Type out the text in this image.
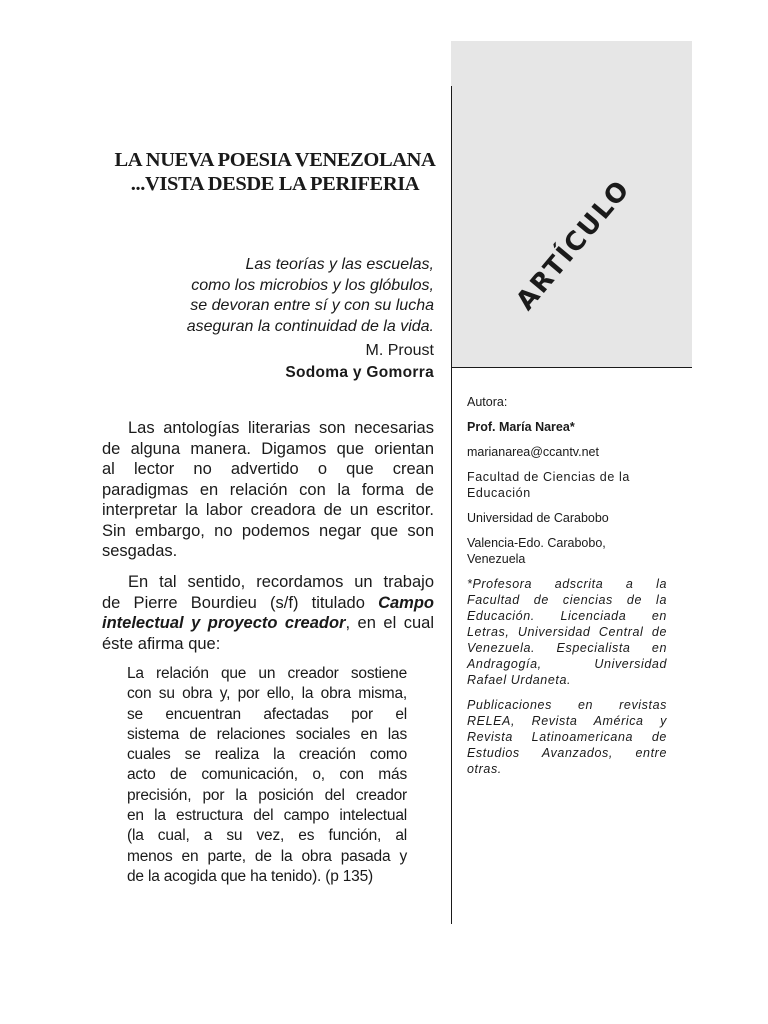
ARTÍCULO
LA NUEVA POESIA VENEZOLANA
...VISTA DESDE LA PERIFERIA
Las teorías y las escuelas,
como los microbios y los glóbulos,
se devoran entre sí y con su lucha
aseguran la continuidad de la vida.
M. Proust
Sodoma y Gomorra
Las antologías literarias son necesarias
de alguna manera. Digamos que orientan
al lector no advertido o que crean
paradigmas en relación con la forma de
interpretar la labor creadora de un escritor.
Sin embargo, no podemos negar que son
sesgadas.
En tal sentido, recordamos un trabajo
de Pierre Bourdieu (s/f) titulado Campo
intelectual y proyecto creador, en el cual
éste afirma que:
La relación que un creador sostiene
con su obra y, por ello, la obra misma,
se encuentran afectadas por el
sistema de relaciones sociales en las
cuales se realiza la creación como
acto de comunicación, o, con más
precisión, por la posición del creador
en la estructura del campo intelectual
(la cual, a su vez, es función, al
menos en parte, de la obra pasada y
de la acogida que ha tenido). (p 135)
Autora:
Prof. María Narea*
marianarea@ccantv.net
Facultad de Ciencias de la
Educación
Universidad de Carabobo
Valencia-Edo. Carabobo,
Venezuela
*Profesora adscrita a la
Facultad de ciencias de la
Educación. Licenciada en
Letras, Universidad Central de
Venezuela. Especialista en
Andragogía, Universidad
Rafael Urdaneta.
Publicaciones en revistas
RELEA, Revista América y
Revista Latinoamericana de
Estudios Avanzados, entre
otras.
